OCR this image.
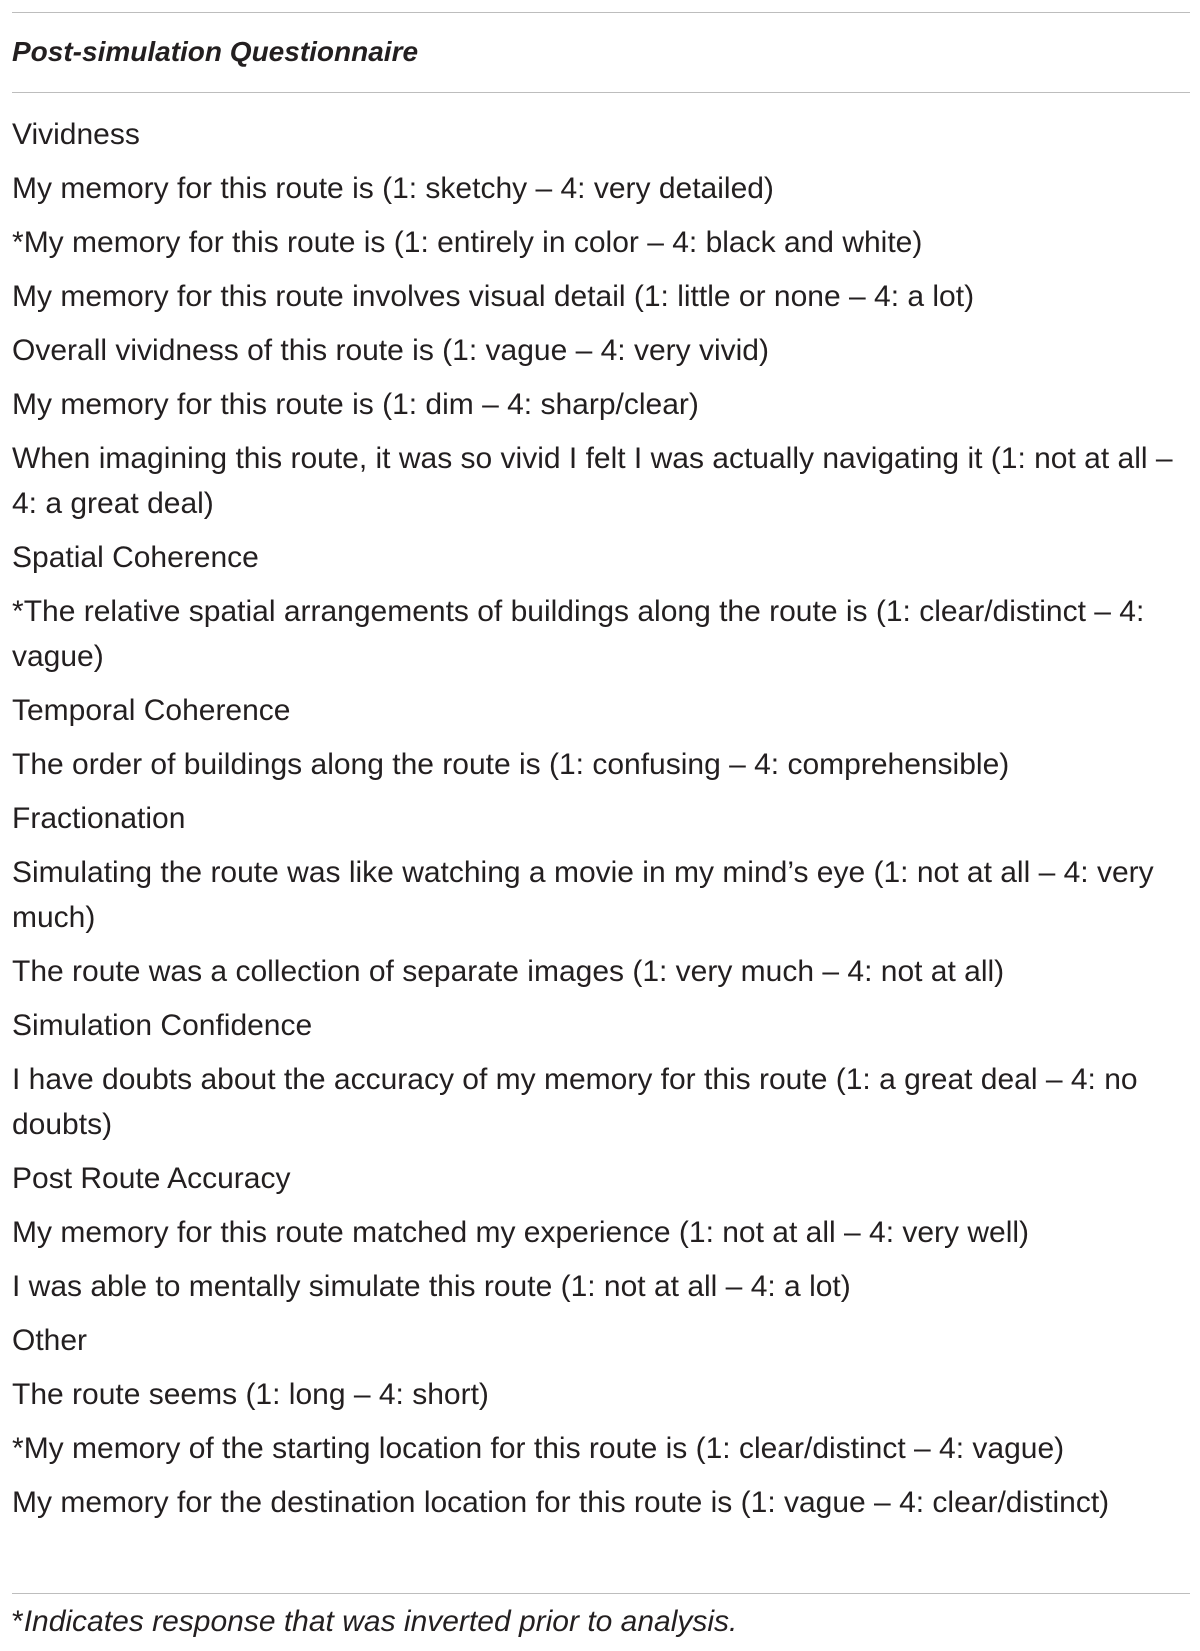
Post-simulation Questionnaire
Vividness
My memory for this route is (1: sketchy – 4: very detailed)
*My memory for this route is (1: entirely in color – 4: black and white)
My memory for this route involves visual detail (1: little or none – 4: a lot)
Overall vividness of this route is (1: vague – 4: very vivid)
My memory for this route is (1: dim – 4: sharp/clear)
When imagining this route, it was so vivid I felt I was actually navigating it (1: not at all – 4: a great deal)
Spatial Coherence
*The relative spatial arrangements of buildings along the route is (1: clear/distinct – 4: vague)
Temporal Coherence
The order of buildings along the route is (1: confusing – 4: comprehensible)
Fractionation
Simulating the route was like watching a movie in my mind’s eye (1: not at all – 4: very much)
The route was a collection of separate images (1: very much – 4: not at all)
Simulation Confidence
I have doubts about the accuracy of my memory for this route (1: a great deal – 4: no doubts)
Post Route Accuracy
My memory for this route matched my experience (1: not at all – 4: very well)
I was able to mentally simulate this route (1: not at all – 4: a lot)
Other
The route seems (1: long – 4: short)
*My memory of the starting location for this route is (1: clear/distinct – 4: vague)
My memory for the destination location for this route is (1: vague – 4: clear/distinct)

*Indicates response that was inverted prior to analysis.
